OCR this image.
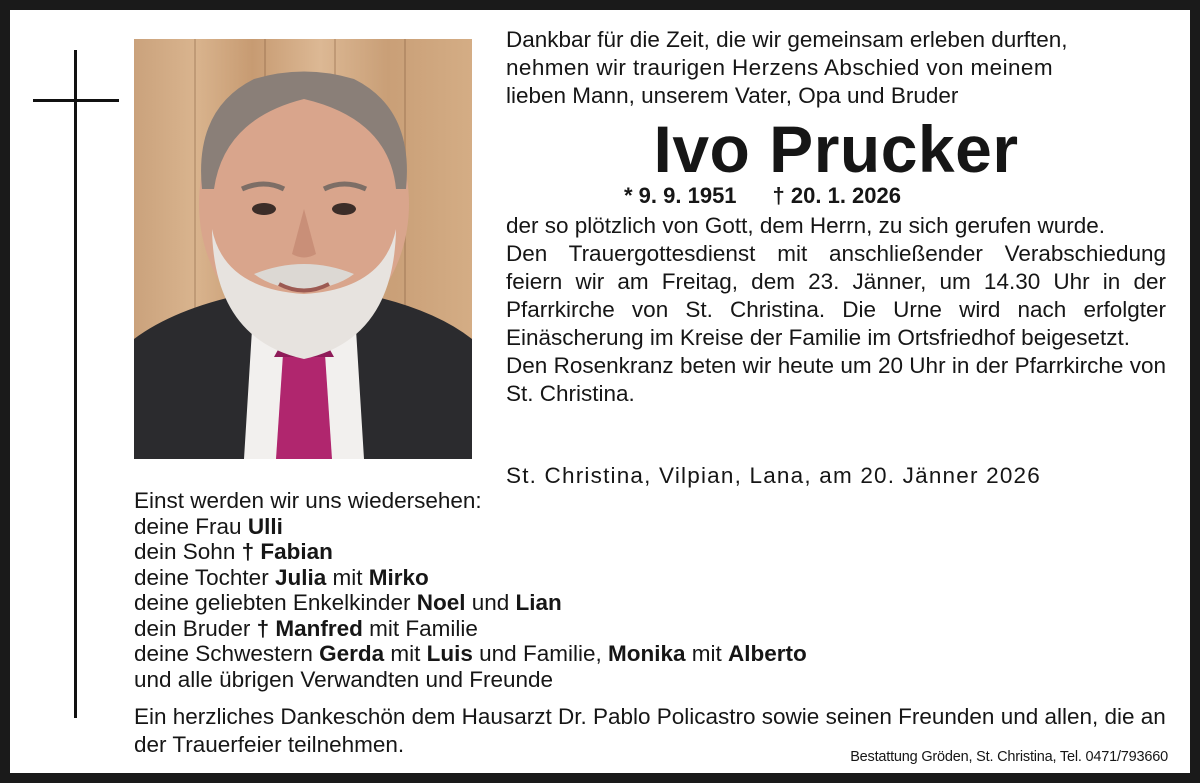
Dankbar für die Zeit, die wir gemeinsam erleben durften,
nehmen wir traurigen Herzens Abschied von meinem
lieben Mann, unserem Vater, Opa und Bruder
Ivo Prucker
* 9. 9. 1951 † 20. 1. 2026

der so plötzlich von Gott, dem Herrn, zu sich gerufen wurde.

Den Trauergottesdienst mit anschließender Verabschiedung feiern wir am Freitag, dem 23. Jänner, um 14.30 Uhr in der Pfarrkirche von St. Christina. Die Urne wird nach erfolgter Einäscherung im Kreise der Familie im Ortsfriedhof beigesetzt.

Den Rosenkranz beten wir heute um 20 Uhr in der Pfarrkirche von St. Christina.

St. Christina, Vilpian, Lana, am 20. Jänner 2026
Einst werden wir uns wiedersehen:
deine Frau Ulli
dein Sohn † Fabian
deine Tochter Julia mit Mirko
deine geliebten Enkelkinder Noel und Lian
dein Bruder † Manfred mit Familie
deine Schwestern Gerda mit Luis und Familie, Monika mit Alberto
und alle übrigen Verwandten und Freunde
Ein herzliches Dankeschön dem Hausarzt Dr. Pablo Policastro sowie seinen Freunden und allen, die an der Trauerfeier teilnehmen.	Bestattung Gröden, St. Christina, Tel. 0471/793660
